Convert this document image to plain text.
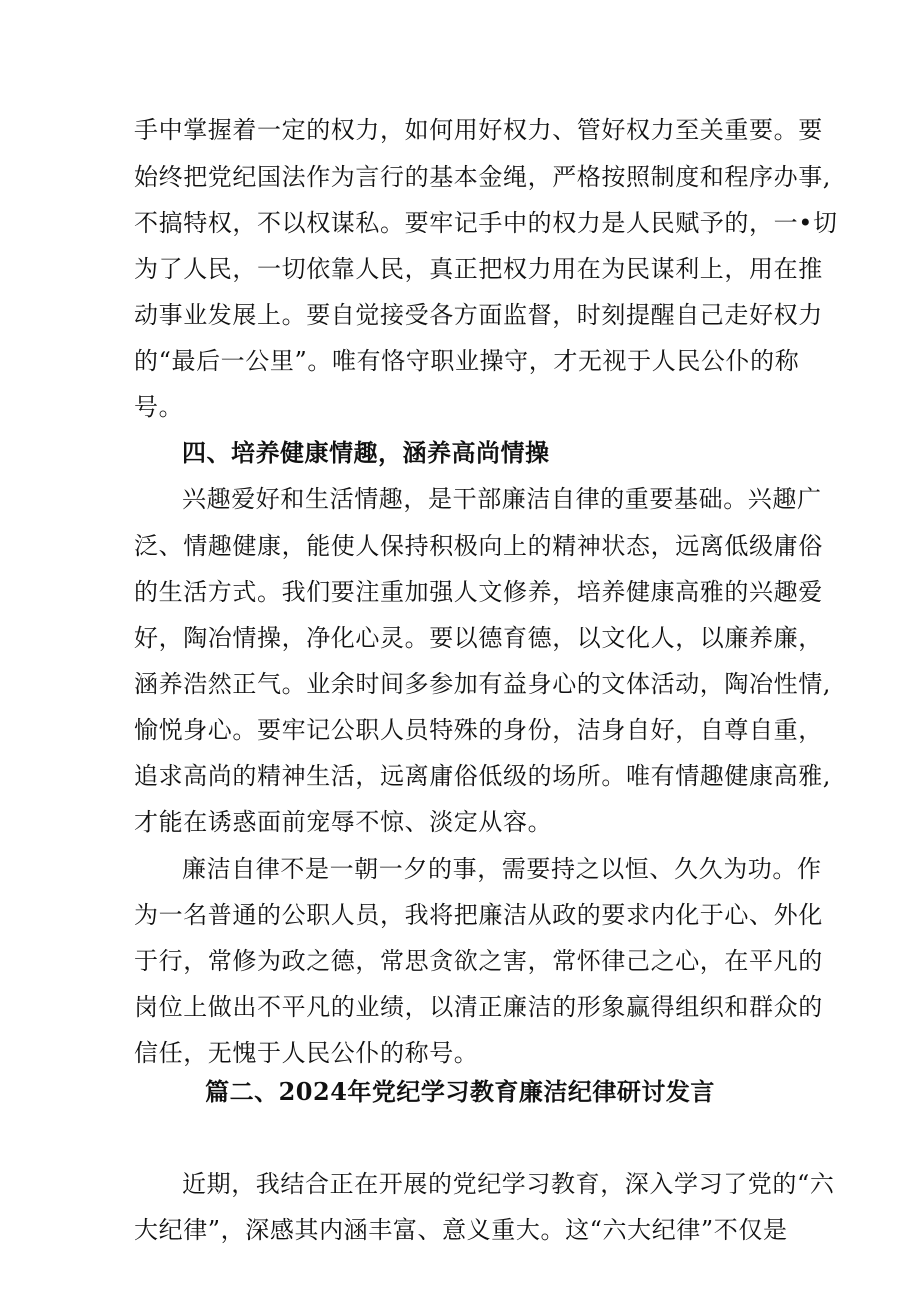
手中掌握着一定的权力，如何用好权力、管好权力至关重要。要
始终把党纪国法作为言行的基本金绳，严格按照制度和程序办事,
不搞特权，不以权谋私。要牢记手中的权力是人民赋予的，一•切
为了人民，一切依靠人民，真正把权力用在为民谋利上，用在推
动事业发展上。要自觉接受各方面监督，时刻提醒自己走好权力
的“最后一公里”。唯有恪守职业操守，才无视于人民公仆的称
号。
四、培养健康情趣，涵养高尚情操
兴趣爱好和生活情趣，是干部廉洁自律的重要基础。兴趣广
泛、情趣健康，能使人保持积极向上的精神状态，远离低级庸俗
的生活方式。我们要注重加强人文修养，培养健康高雅的兴趣爱
好，陶冶情操，净化心灵。要以德育德，以文化人，以廉养廉，
涵养浩然正气。业余时间多参加有益身心的文体活动，陶冶性情,
愉悦身心。要牢记公职人员特殊的身份，洁身自好，自尊自重，
追求高尚的精神生活，远离庸俗低级的场所。唯有情趣健康高雅,
才能在诱惑面前宠辱不惊、淡定从容。
廉洁自律不是一朝一夕的事，需要持之以恒、久久为功。作
为一名普通的公职人员，我将把廉洁从政的要求内化于心、外化
于行，常修为政之德，常思贪欲之害，常怀律己之心，在平凡的
岗位上做出不平凡的业绩，以清正廉洁的形象赢得组织和群众的
信任，无愧于人民公仆的称号。
篇二、2024年党纪学习教育廉洁纪律研讨发言
近期，我结合正在开展的党纪学习教育，深入学习了党的“六
大纪律”，深感其内涵丰富、意义重大。这“六大纪律”不仅是
